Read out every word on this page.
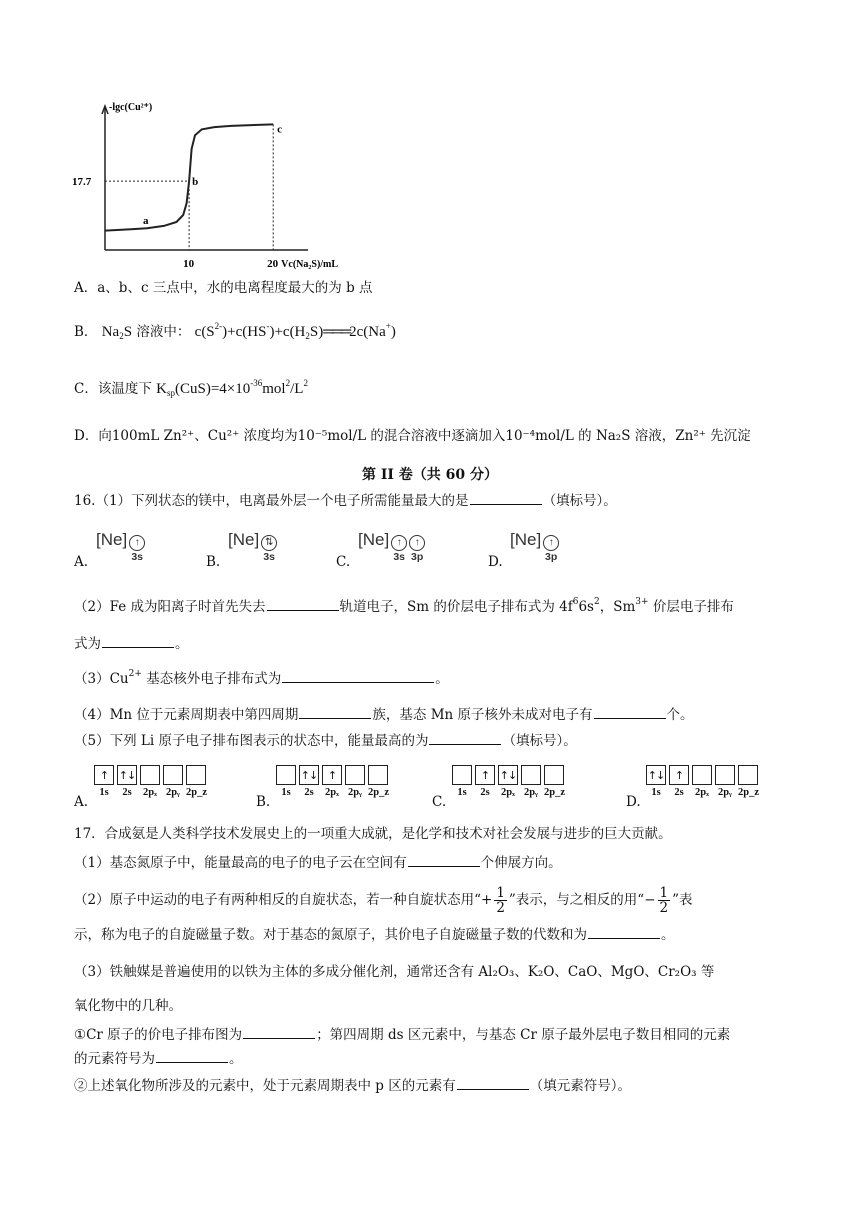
-lgc(Cu²⁺)
Vc(Na₂S)/mL
10	20
17.7
a
b
c
A．a、b、c 三点中，水的电离程度最大的为 b 点
B． $Na_2S$ 溶液中： $c(S^{2-})+c(HS^-)+c(H_2S)═══2c(Na^+)$
C．该温度下 $K_{sp}(CuS)=4\times 10^{-36}mol^2/L^2$
D．向100mL Zn²⁺、Cu²⁺ 浓度均为10⁻⁵mol/L 的混合溶液中逐滴加入10⁻⁴mol/L 的 Na₂S 溶液，Zn²⁺ 先沉淀
第 II 卷（共 60 分）
16.（1）下列状态的镁中，电离最外层一个电子所需能量最大的是	（填标号）。
A.
[Ne] ↑
3s	B.
[Ne] ⇅
3s	C.
[Ne] ↑
3s
↑
3p	D.
[Ne] ↑
3p
（2）Fe 成为阳离子时首先失去	轨道电子，Sm 的价层电子排布式为 $4f^66s^2$，$Sm^{3+}$ 价层电子排布
式为	。
$(3)Cu^{2+}$ 基态核外电子排布式为	。
（4）Mn 位于元素周期表中第四周期	族，基态 Mn 原子核外未成对电子有	个。
（5）下列 Li 原子电子排布图表示的状态中，能量最高的为	（填标号）。
A.
↑ ↑↓
1s	2s	2pₓ 2pᵧ 2p_z
B.
↑↓ ↑
1s	2s	2pₓ 2pᵧ 2p_z
C.
↑ ↑↓
1s	2s	2pₓ 2pᵧ 2p_z
D.
↑↓ ↑
1s	2s	2pₓ 2pᵧ 2p_z
17．合成氨是人类科学技术发展史上的一项重大成就，是化学和技术对社会发展与进步的巨大贡献。
（1）基态氮原子中，能量最高的电子的电子云在空间有	个伸展方向。
（2）原子中运动的电子有两种相反的自旋状态，若一种自旋状态用“+ $\frac{1}{2}$ ”表示，与之相反的用“− $\frac{1}{2}$ ”表
示，称为电子的自旋磁量子数。对于基态的氮原子，其价电子自旋磁量子数的代数和为	。
（3）铁触媒是普遍使用的以铁为主体的多成分催化剂，通常还含有 Al₂O₃、K₂O、CaO、MgO、Cr₂O₃ 等
氧化物中的几种。
①Cr 原子的价电子排布图为	；第四周期 ds 区元素中，与基态 Cr 原子最外层电子数目相同的元素
的元素符号为	。
②上述氧化物所涉及的元素中，处于元素周期表中 p 区的元素有	（填元素符号）。
